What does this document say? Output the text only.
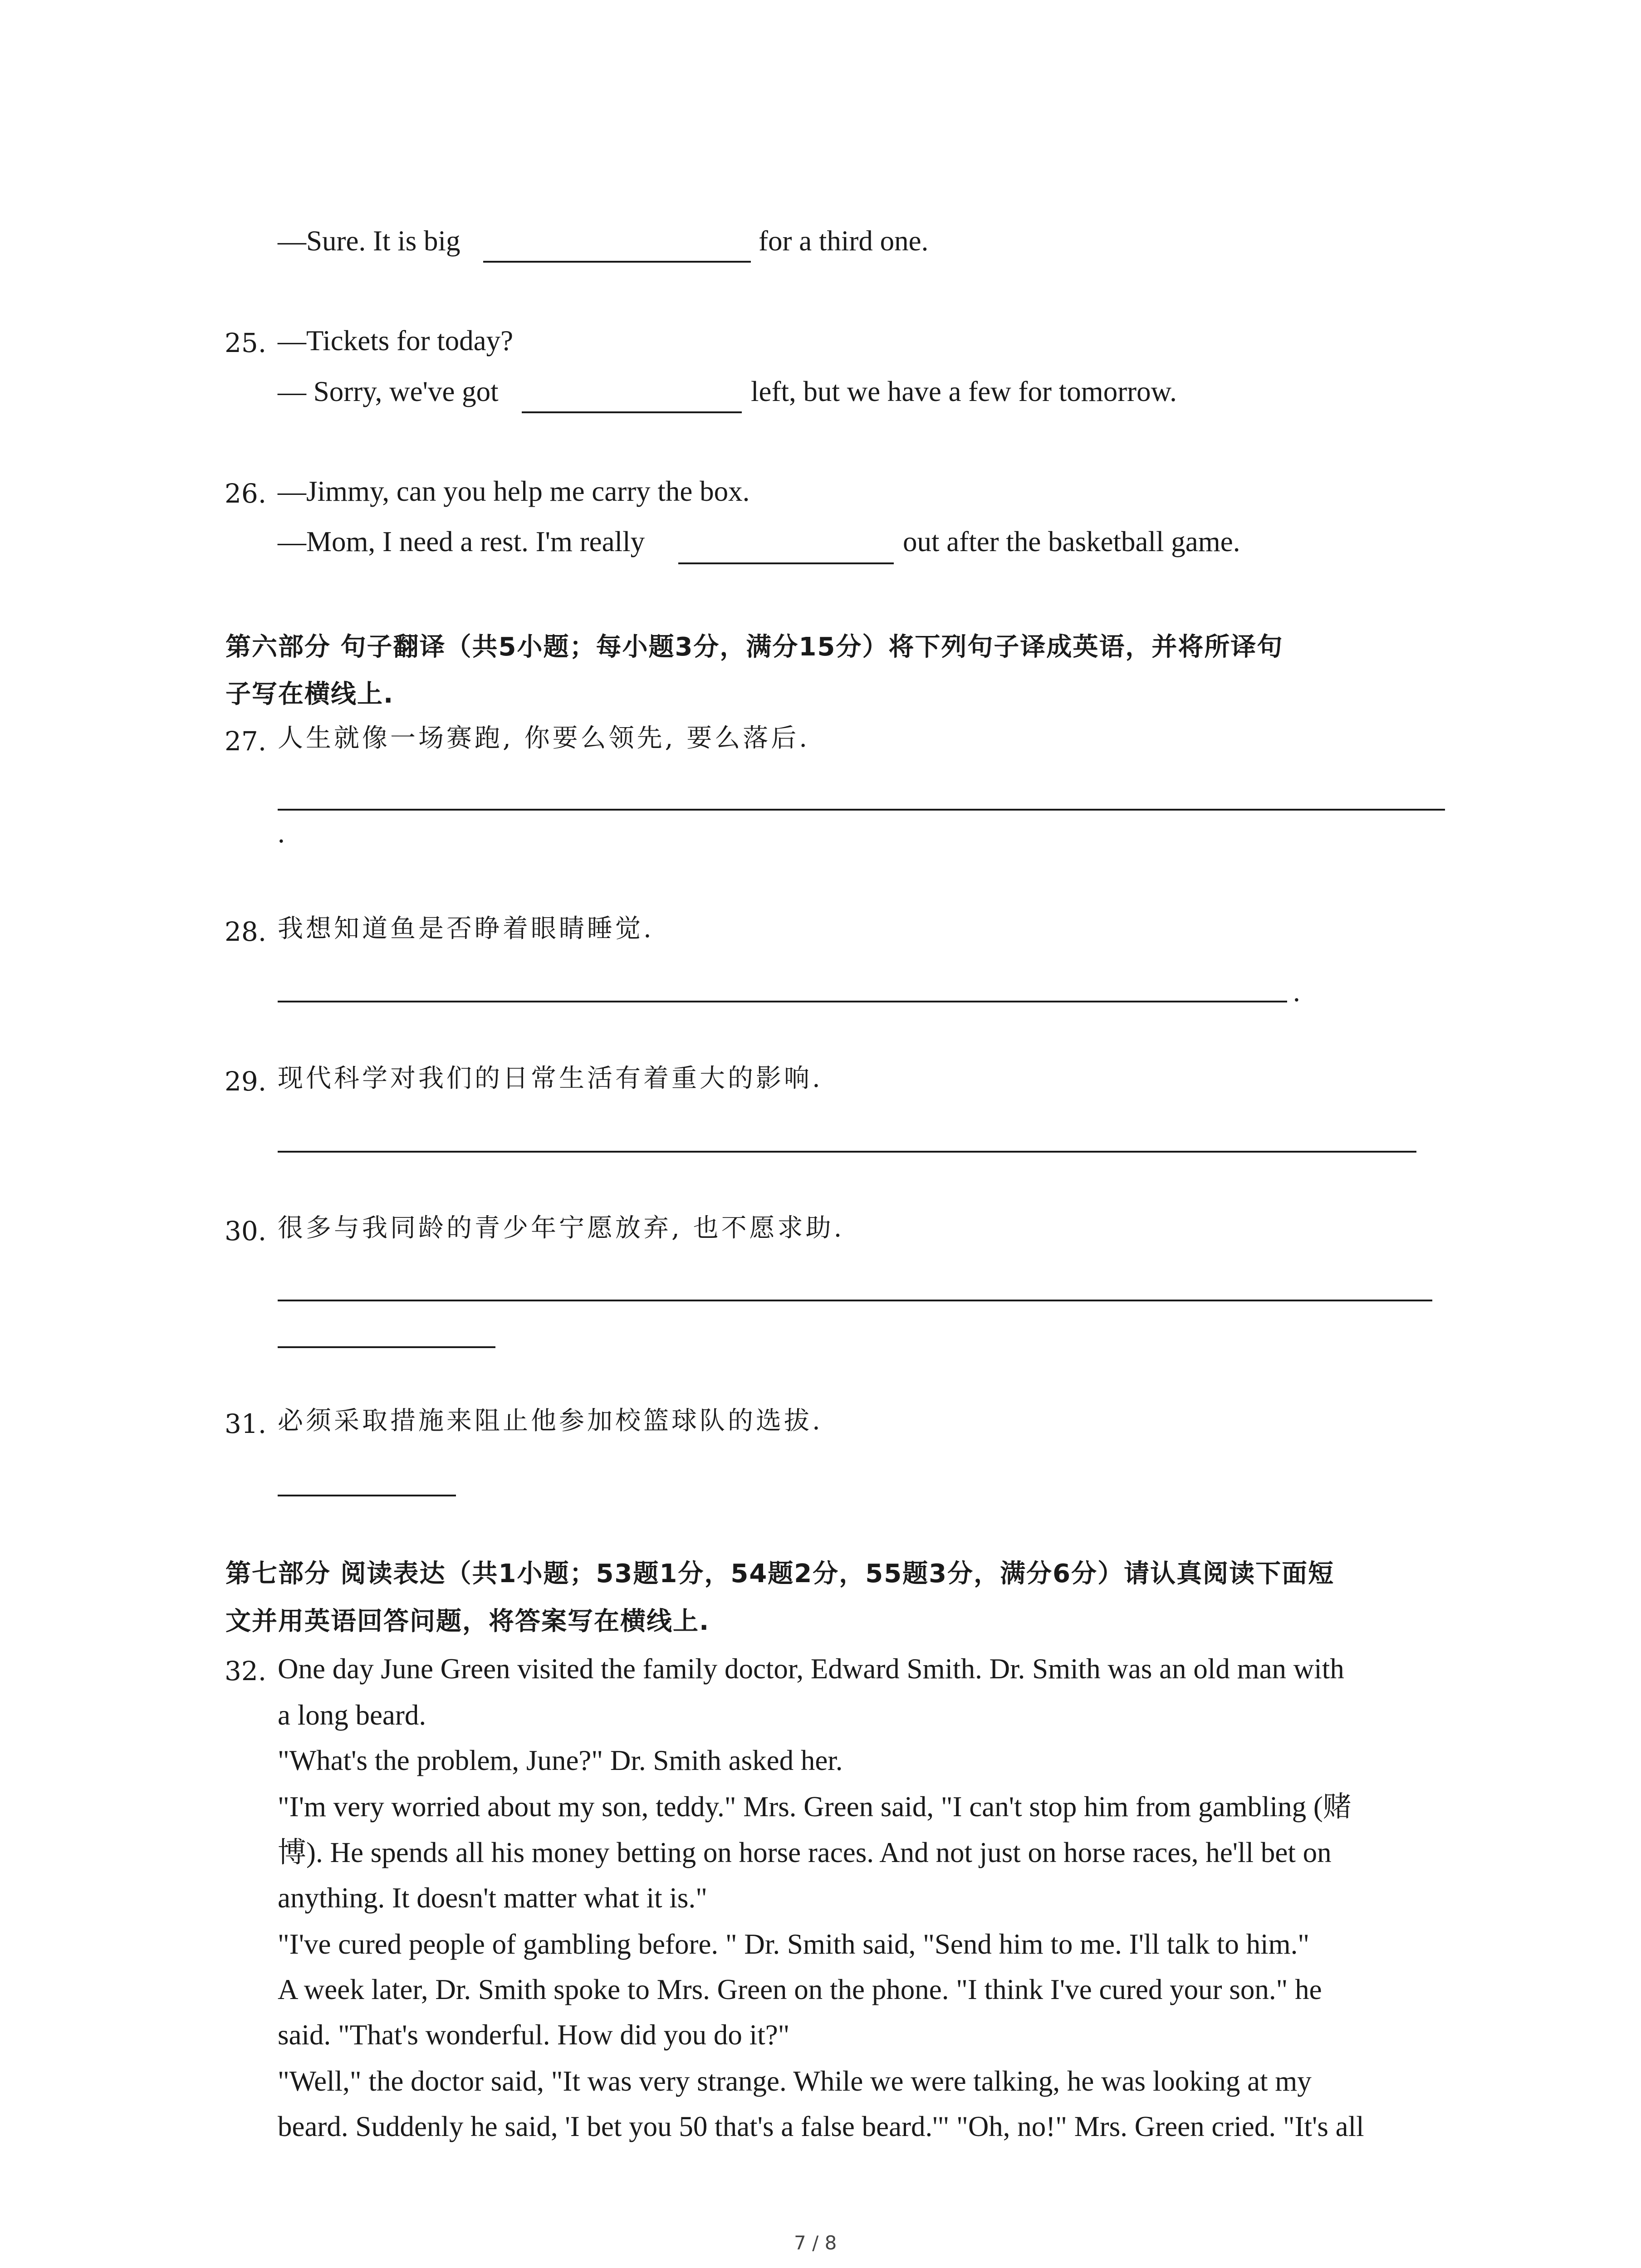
—Sure. It is big	for a third one.
25. —Tickets for today?
— Sorry, we've got	left, but we have a few for tomorrow.
26. —Jimmy, can you help me carry the box.
—Mom, I need a rest. I'm really	out after the basketball game.
第六部分 句子翻译（共5小题；每小题3分，满分15分）将下列句子译成英语，并将所译句
子写在横线上.
27. 人生就像一场赛跑, 你要么领先, 要么落后.
.
28. 我想知道鱼是否睁着眼睛睡觉.
.
29. 现代科学对我们的日常生活有着重大的影响.
30. 很多与我同龄的青少年宁愿放弃, 也不愿求助.
31. 必须采取措施来阻止他参加校篮球队的选拔.
第七部分 阅读表达（共1小题；53题1分，54题2分，55题3分，满分6分）请认真阅读下面短
文并用英语回答问题，将答案写在横线上.
32. One day June Green visited the family doctor, Edward Smith. Dr. Smith was an old man with
a long beard.
"What's the problem, June?" Dr. Smith asked her.
"I'm very worried about my son, teddy." Mrs. Green said, "I can't stop him from gambling (赌
博). He spends all his money betting on horse races. And not just on horse races, he'll bet on
anything. It doesn't matter what it is."
"I've cured people of gambling before. " Dr. Smith said, "Send him to me. I'll talk to him."
A week later, Dr. Smith spoke to Mrs. Green on the phone. "I think I've cured your son." he
said. "That's wonderful. How did you do it?"
"Well," the doctor said, "It was very strange. While we were talking, he was looking at my
beard. Suddenly he said, 'I bet you 50 that's a false beard.'" "Oh, no!" Mrs. Green cried. "It's all
7 / 8
